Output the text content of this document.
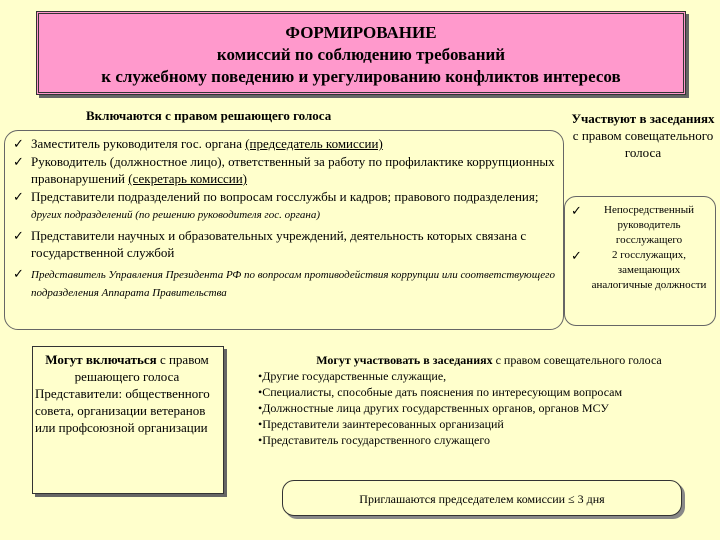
ФОРМИРОВАНИЕ
комиссий по соблюдению требований
к служебному поведению и урегулированию конфликтов интересов
Включаются с правом решающего голоса
✓ Заместитель руководителя гос. органа (председатель комиссии)
✓ Руководитель (должностное лицо), ответственный за работу по профилактике коррупционных правонарушений (секретарь комиссии)
✓ Представители подразделений по вопросам госслужбы и кадров; правового подразделения; других подразделений (по решению руководителя гос. органа)
✓ Представители научных и образовательных учреждений, деятельность которых связана с государственной службой
✓ Представитель Управления Президента РФ по вопросам противодействия коррупции или соответствующего подразделения Аппарата Правительства
Участвуют в заседаниях с правом совещательного голоса
✓ Непосредственный руководитель госслужащего
✓	2 госслужащих, замещающих аналогичные должности
Могут включаться с правом решающего голоса
Представители: общественного совета, организации ветеранов или профсоюзной организации
Могут участвовать в заседаниях с правом совещательного голоса
•Другие государственные служащие,
•Специалисты, способные дать пояснения по интересующим вопросам
•Должностные лица других государственных органов, органов МСУ
•Представители заинтересованных организаций
•Представитель государственного служащего
Приглашаются председателем комиссии ≤ 3 дня
